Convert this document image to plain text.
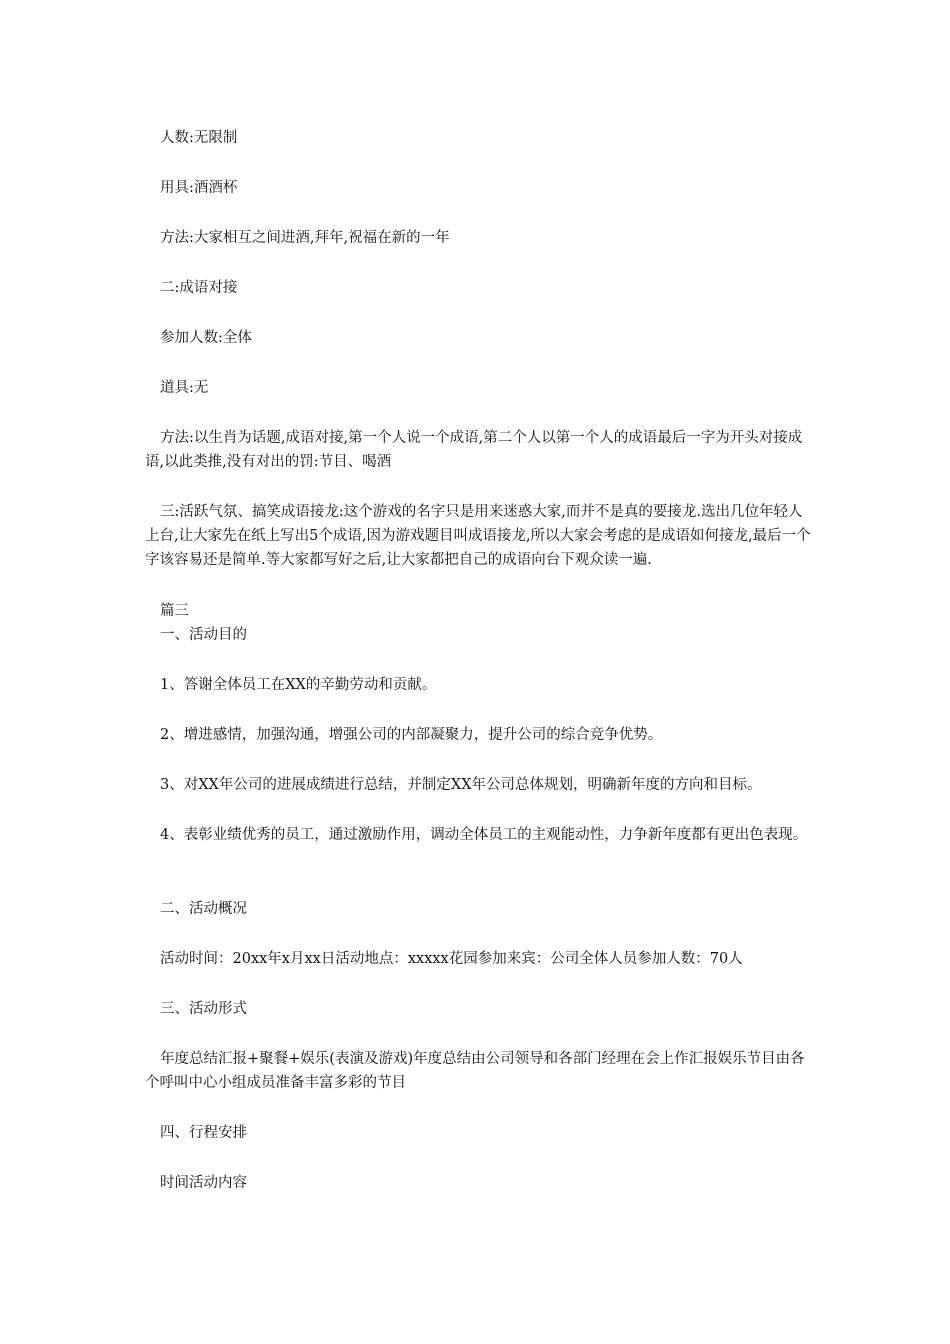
人数:无限制
用具:酒酒杯
方法:大家相互之间进酒,拜年,祝福在新的一年
二:成语对接
参加人数:全体
道具:无
方法:以生肖为话题,成语对接,第一个人说一个成语,第二个人以第一个人的成语最后一字为开头对接成语,以此类推,没有对出的罚:节目、喝酒
三:活跃气氛、搞笑成语接龙:这个游戏的名字只是用来迷惑大家,而并不是真的要接龙.选出几位年轻人上台,让大家先在纸上写出5个成语,因为游戏题目叫成语接龙,所以大家会考虑的是成语如何接龙,最后一个字该容易还是简单.等大家都写好之后,让大家都把自己的成语向台下观众读一遍.
篇三
一、活动目的
1、答谢全体员工在XX的辛勤劳动和贡献。
2、增进感情，加强沟通，增强公司的内部凝聚力，提升公司的综合竞争优势。
3、对XX年公司的进展成绩进行总结，并制定XX年公司总体规划，明确新年度的方向和目标。
4、表彰业绩优秀的员工，通过激励作用，调动全体员工的主观能动性，力争新年度都有更出色表现。
二、活动概况
活动时间：20xx年x月xx日活动地点：xxxxx花园参加来宾：公司全体人员参加人数：70人
三、活动形式
年度总结汇报+聚餐+娱乐(表演及游戏)年度总结由公司领导和各部门经理在会上作汇报娱乐节目由各个呼叫中心小组成员准备丰富多彩的节目
四、行程安排
时间活动内容
